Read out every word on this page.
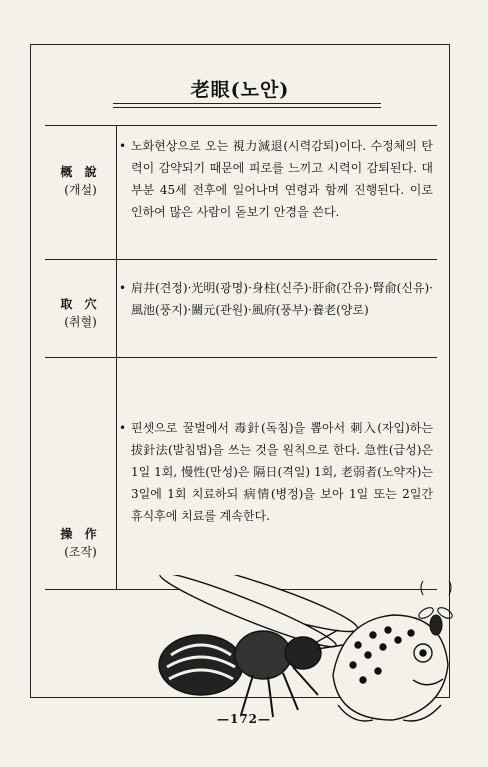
老眼(노안)
概 說
(개설)
• 노화현상으로 오는 視力減退(시력감퇴)이다. 수정체의 탄력이 감약되기 때문에 피로를 느끼고 시력이 감퇴된다. 대부분 45세 전후에 일어나며 연령과 함께 진행된다. 이로 인하여 많은 사람이 돋보기 안경을 쓴다.
取 穴
(취혈)
• 肩井(견정)·光明(광명)·身柱(신주)·肝俞(간유)·腎俞(신유)·風池(풍지)·關元(관원)·風府(풍부)·養老(양로)
操 作
(조작)
• 핀셋으로 꿀벌에서 毒針(독침)을 뽑아서 刺入(자입)하는 拔針法(발침법)을 쓰는 것을 원칙으로 한다. 急性(급성)은 1일 1회, 慢性(만성)은 隔日(격일) 1회, 老弱者(노약자)는 3일에 1회 치료하되 病情(병정)을 보아 1일 또는 2일간 휴식후에 치료를 계속한다.
—172—
